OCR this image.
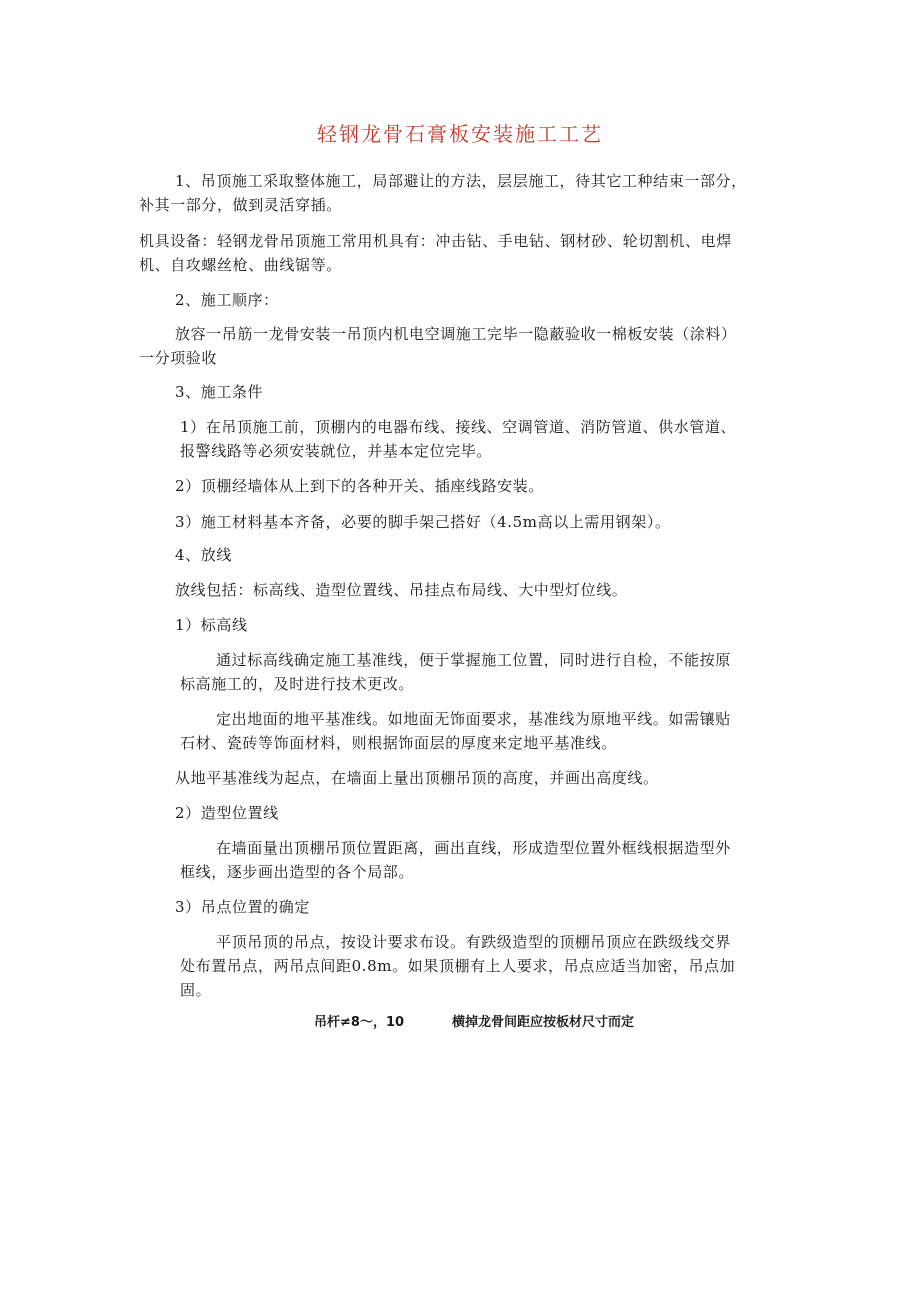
轻钢龙骨石膏板安装施工工艺
1、吊顶施工采取整体施工，局部避让的方法，层层施工，待其它工种结束一部分，
补其一部分，做到灵活穿插。
机具设备：轻钢龙骨吊顶施工常用机具有：冲击钻、手电钻、钢材砂、轮切割机、电焊
机、自攻螺丝枪、曲线锯等。
2、施工顺序：
放容一吊筋一龙骨安装一吊顶内机电空调施工完毕一隐蔽验收一棉板安装（涂料）
一分项验收
3、施工条件
1）在吊顶施工前，顶棚内的电器布线、接线、空调管道、消防管道、供水管道、
报警线路等必须安装就位，并基本定位完毕。
2）顶棚经墙体从上到下的各种开关、插座线路安装。
3）施工材料基本齐备，必要的脚手架己搭好（4.5m高以上需用钢架）。
4、放线
放线包括：标高线、造型位置线、吊挂点布局线、大中型灯位线。
1）标高线
通过标高线确定施工基准线，便于掌握施工位置，同时进行自检，不能按原
标高施工的，及时进行技术更改。
定出地面的地平基准线。如地面无饰面要求，基准线为原地平线。如需镶贴
石材、瓷砖等饰面材料，则根据饰面层的厚度来定地平基准线。
从地平基准线为起点，在墙面上量出顶棚吊顶的高度，并画出高度线。
2）造型位置线
在墙面量出顶棚吊顶位置距离，画出直线，形成造型位置外框线根据造型外
框线，逐步画出造型的各个局部。
3）吊点位置的确定
平顶吊顶的吊点，按设计要求布设。有跌级造型的顶棚吊顶应在跌级线交界
处布置吊点，两吊点间距0.8m。如果顶棚有上人要求，吊点应适当加密，吊点加
固。
吊杆≠8～，10	横掉龙骨间距应按板材尺寸而定
